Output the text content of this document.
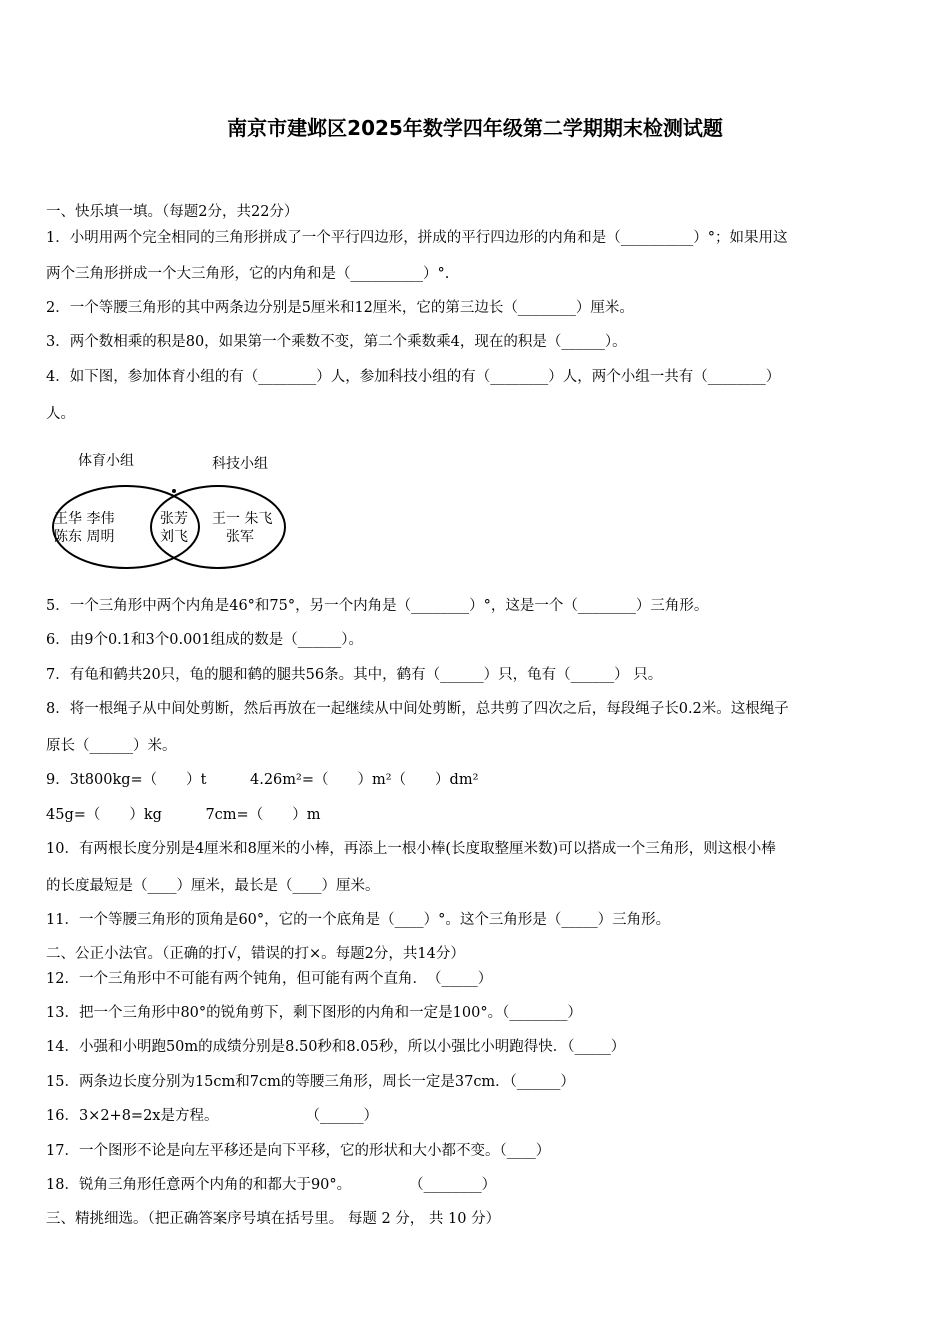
南京市建邺区2025年数学四年级第二学期期末检测试题
一、快乐填一填。（每题2分，共22分）
1．小明用两个完全相同的三角形拼成了一个平行四边形，拼成的平行四边形的内角和是（__________）°；如果用这
两个三角形拼成一个大三角形，它的内角和是（__________）°.
2．一个等腰三角形的其中两条边分别是5厘米和12厘米，它的第三边长（________）厘米。
3．两个数相乘的积是80，如果第一个乘数不变，第二个乘数乘4，现在的积是（______）。
4．如下图，参加体育小组的有（________）人，参加科技小组的有（________）人，两个小组一共有（________）
人。
体育小组	科技小组
王华 李伟
陈东 周明
张芳
刘飞
王一 朱飞
张军
5．一个三角形中两个内角是46°和75°，另一个内角是（________）°，这是一个（________）三角形。
6．由9个0.1和3个0.001组成的数是（______）。
7．有龟和鹤共20只，龟的腿和鹤的腿共56条。其中，鹤有（______）只，龟有（______） 只。
8．将一根绳子从中间处剪断，然后再放在一起继续从中间处剪断，总共剪了四次之后，每段绳子长0.2米。这根绳子
原长（______）米。
9．3t800kg=（　　）t　　　4.26m²=（　　）m²（　　）dm²
45g=（　　）kg　　　7cm=（　　）m
10．有两根长度分别是4厘米和8厘米的小棒，再添上一根小棒(长度取整厘米数)可以搭成一个三角形，则这根小棒
的长度最短是（____）厘米，最长是（____）厘米。
11．一个等腰三角形的顶角是60°，它的一个底角是（____）°。这个三角形是（_____）三角形。
二、公正小法官。（正确的打√，错误的打×。每题2分，共14分）
12．一个三角形中不可能有两个钝角，但可能有两个直角．　（_____）
13．把一个三角形中80°的锐角剪下，剩下图形的内角和一定是100°。（________）
14．小强和小明跑50m的成绩分别是8.50秒和8.05秒，所以小强比小明跑得快．（_____）
15．两条边长度分别为15cm和7cm的等腰三角形，周长一定是37cm．（______）
16．3×2+8=2x是方程。　　　　　　　（______）
17．一个图形不论是向左平移还是向下平移，它的形状和大小都不变。（____）
18．锐角三角形任意两个内角的和都大于90°。　　　　　（________）
三、精挑细选。（把正确答案序号填在括号里。 每题 2 分， 共 10 分）
